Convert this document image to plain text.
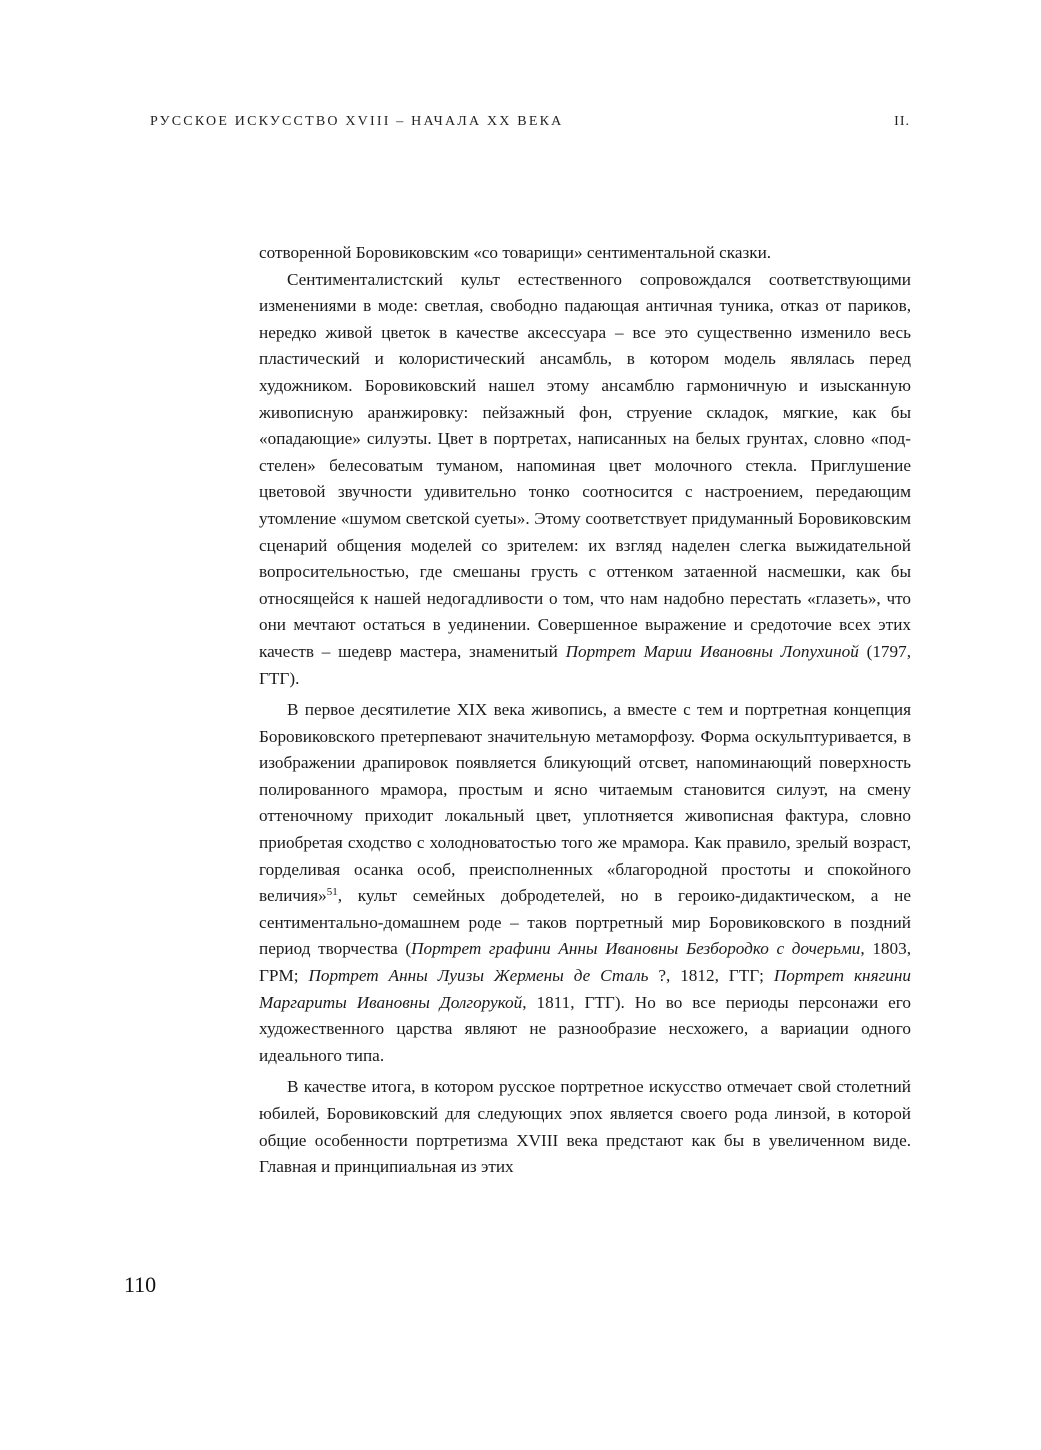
РУССКОЕ ИСКУССТВО XVIII – НАЧАЛА XX ВЕКА	II.

сотворенной Боровиковским «со товарищи» сентиментальной сказки.

Сентименталистский культ естественного сопровождался соответствующими изменениями в моде: светлая, свободно падающая античная туника, отказ от париков, нередко живой цветок в качестве аксессуара – все это существенно изменило весь пластический и колористический ансамбль, в котором модель являлась перед художником. Боровиковский нашел этому ансамблю гармоничную и изысканную живописную аранжировку: пейзажный фон, струение складок, мягкие, как бы «опадающие» силуэты. Цвет в портретах, написанных на белых грунтах, словно «подстелен» белесоватым туманом, напоминая цвет молочного стекла. Приглушение цветовой звучности удивительно тонко соотносится с настроением, передающим утомление «шумом светской суеты». Этому соответствует придуманный Боровиковским сценарий общения моделей со зрителем: их взгляд наделен слегка выжидательной вопросительностью, где смешаны грусть с оттенком затаенной насмешки, как бы относящейся к нашей недогадливости о том, что нам надобно перестать «глазеть», что они мечтают остаться в уединении. Совершенное выражение и средоточие всех этих качеств – шедевр мастера, знаменитый Портрет Марии Ивановны Лопухиной (1797, ГТГ).

В первое десятилетие XIX века живопись, а вместе с тем и портретная концепция Боровиковского претерпевают значительную метаморфозу. Форма оскульптуривается, в изображении драпировок появляется бликующий отсвет, напоминающий поверхность полированного мрамора, простым и ясно читаемым становится силуэт, на смену оттеночному приходит локальный цвет, уплотняется живописная фактура, словно приобретая сходство с холодноватостью того же мрамора. Как правило, зрелый возраст, горделивая осанка особ, преисполненных «благородной простоты и спокойного величия»$^{51}$, культ семейных добродетелей, но в героико-дидактическом, а не сентиментально-домашнем роде – таков портретный мир Боровиковского в поздний период творчества (Портрет графини Анны Ивановны Безбородко с дочерьми, 1803, ГРМ; Портрет Анны Луизы Жермены де Сталь ?, 1812, ГТГ; Портрет княгини Маргариты Ивановны Долгорукой, 1811, ГТГ). Но во все периоды персонажи его художественного царства являют не разнообразие несхожего, а вариации одного идеального типа.

В качестве итога, в котором русское портретное искусство отмечает свой столетний юбилей, Боровиковский для следующих эпох является своего рода линзой, в которой общие особенности портретизма XVIII века предстают как бы в увеличенном виде. Главная и принципиальная из этих

110
